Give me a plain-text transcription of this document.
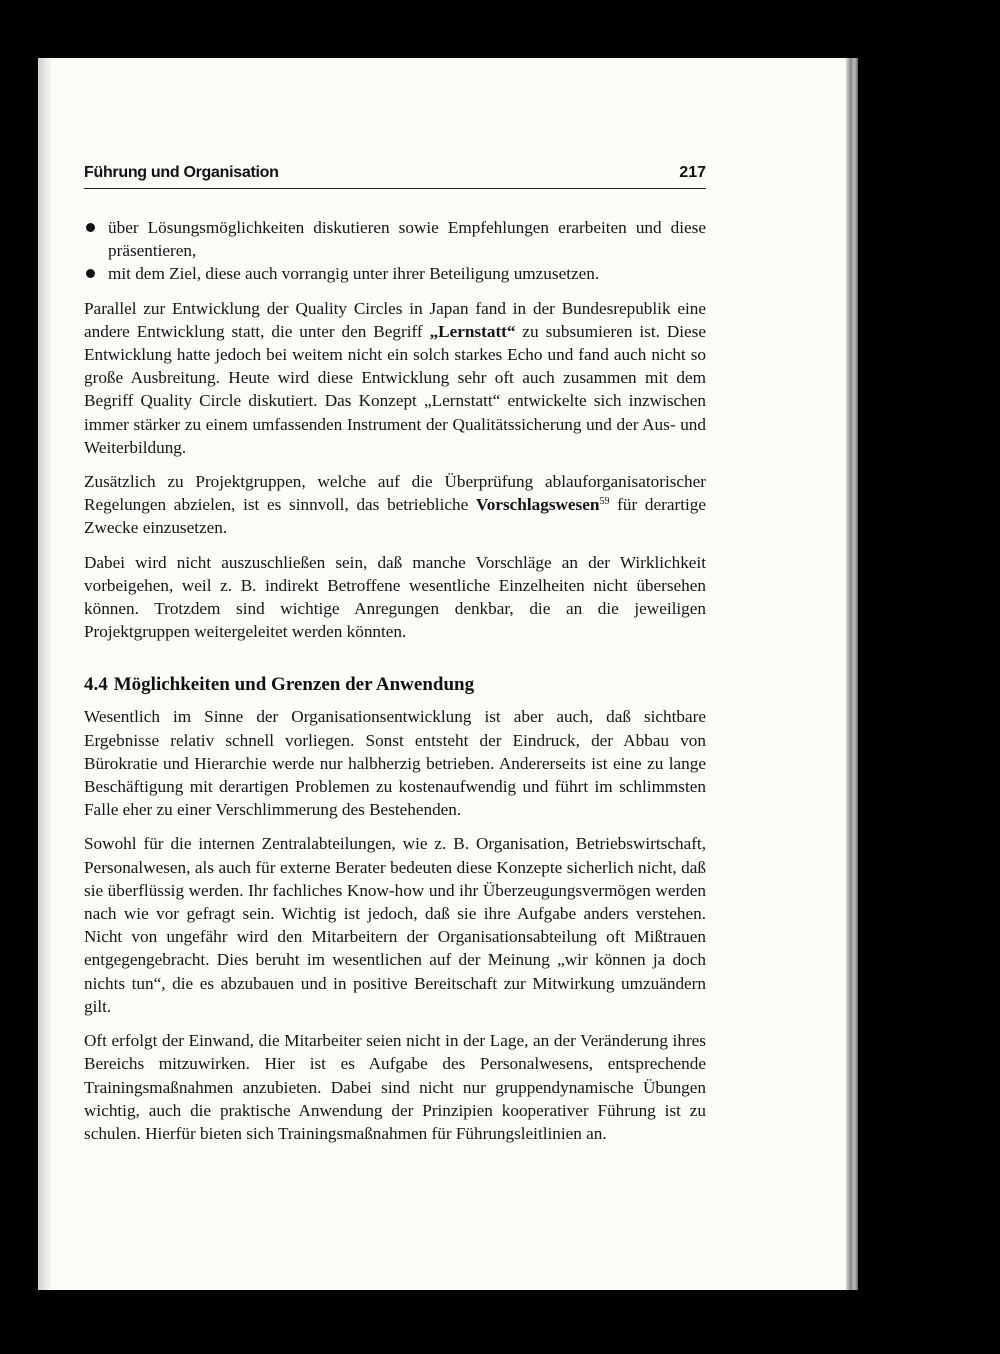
Führung und Organisation	217
über Lösungsmöglichkeiten diskutieren sowie Empfehlungen erarbeiten und diese präsentieren,
mit dem Ziel, diese auch vorrangig unter ihrer Beteiligung umzusetzen.

Parallel zur Entwicklung der Quality Circles in Japan fand in der Bundesrepublik eine andere Entwicklung statt, die unter den Begriff „Lernstatt“ zu subsumieren ist. Diese Entwicklung hatte jedoch bei weitem nicht ein solch starkes Echo und fand auch nicht so große Ausbreitung. Heute wird diese Entwicklung sehr oft auch zusammen mit dem Begriff Quality Circle diskutiert. Das Konzept „Lernstatt“ entwickelte sich inzwischen immer stärker zu einem umfassenden Instrument der Qualitätssicherung und der Aus- und Weiterbildung.

Zusätzlich zu Projektgruppen, welche auf die Überprüfung ablauforganisatorischer Regelungen abzielen, ist es sinnvoll, das betriebliche Vorschlagswesen$^{59}$ für derartige Zwecke einzusetzen.

Dabei wird nicht auszuschließen sein, daß manche Vorschläge an der Wirklichkeit vorbeigehen, weil z. B. indirekt Betroffene wesentliche Einzelheiten nicht übersehen können. Trotzdem sind wichtige Anregungen denkbar, die an die jeweiligen Projektgruppen weitergeleitet werden könnten.

4.4 Möglichkeiten und Grenzen der Anwendung

Wesentlich im Sinne der Organisationsentwicklung ist aber auch, daß sichtbare Ergebnisse relativ schnell vorliegen. Sonst entsteht der Eindruck, der Abbau von Bürokratie und Hierarchie werde nur halbherzig betrieben. Andererseits ist eine zu lange Beschäftigung mit derartigen Problemen zu kostenaufwendig und führt im schlimmsten Falle eher zu einer Verschlimmerung des Bestehenden.

Sowohl für die internen Zentralabteilungen, wie z. B. Organisation, Betriebswirtschaft, Personalwesen, als auch für externe Berater bedeuten diese Konzepte sicherlich nicht, daß sie überflüssig werden. Ihr fachliches Know-how und ihr Überzeugungsvermögen werden nach wie vor gefragt sein. Wichtig ist jedoch, daß sie ihre Aufgabe anders verstehen. Nicht von ungefähr wird den Mitarbeitern der Organisationsabteilung oft Mißtrauen entgegengebracht. Dies beruht im wesentlichen auf der Meinung „wir können ja doch nichts tun“, die es abzubauen und in positive Bereitschaft zur Mitwirkung umzuändern gilt.

Oft erfolgt der Einwand, die Mitarbeiter seien nicht in der Lage, an der Veränderung ihres Bereichs mitzuwirken. Hier ist es Aufgabe des Personalwesens, entsprechende Trainingsmaßnahmen anzubieten. Dabei sind nicht nur gruppendynamische Übungen wichtig, auch die praktische Anwendung der Prinzipien kooperativer Führung ist zu schulen. Hierfür bieten sich Trainingsmaßnahmen für Führungsleitlinien an.
